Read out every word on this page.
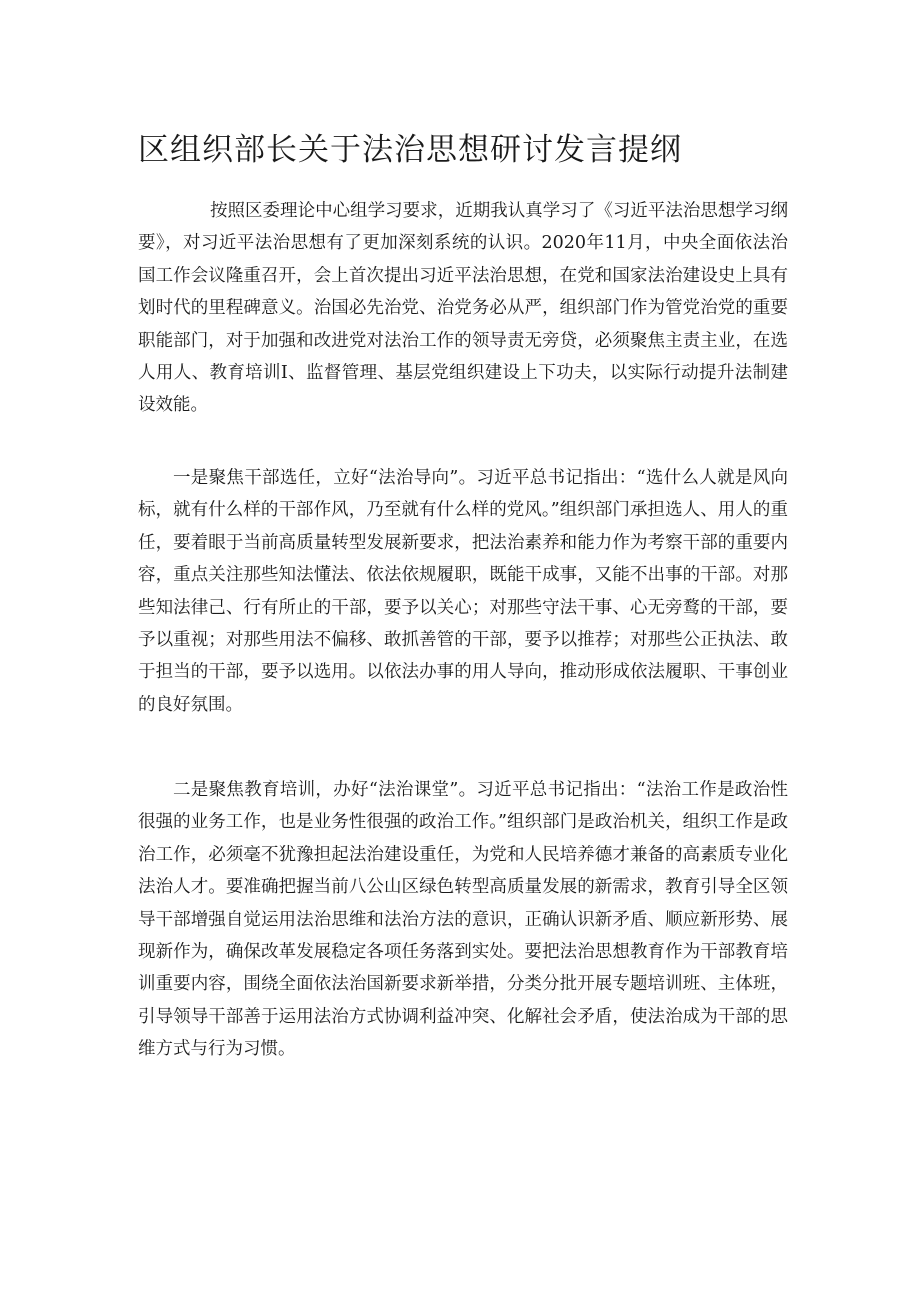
区组织部长关于法治思想研讨发言提纲

按照区委理论中心组学习要求，近期我认真学习了《习近平法治思想学习纲要》，对习近平法治思想有了更加深刻系统的认识。2020年11月，中央全面依法治国工作会议隆重召开，会上首次提出习近平法治思想，在党和国家法治建设史上具有划时代的里程碑意义。治国必先治党、治党务必从严，组织部门作为管党治党的重要职能部门，对于加强和改进党对法治工作的领导责无旁贷，必须聚焦主责主业，在选人用人、教育培训I、监督管理、基层党组织建设上下功夫，以实际行动提升法制建设效能。

一是聚焦干部选任，立好“法治导向”。习近平总书记指出：“选什么人就是风向标，就有什么样的干部作风，乃至就有什么样的党风。”组织部门承担选人、用人的重任，要着眼于当前高质量转型发展新要求，把法治素养和能力作为考察干部的重要内容，重点关注那些知法懂法、依法依规履职，既能干成事，又能不出事的干部。对那些知法律己、行有所止的干部，要予以关心；对那些守法干事、心无旁鹜的干部，要予以重视；对那些用法不偏移、敢抓善管的干部，要予以推荐；对那些公正执法、敢于担当的干部，要予以选用。以依法办事的用人导向，推动形成依法履职、干事创业的良好氛围。

二是聚焦教育培训，办好“法治课堂”。习近平总书记指出：“法治工作是政治性很强的业务工作，也是业务性很强的政治工作。”组织部门是政治机关，组织工作是政治工作，必须毫不犹豫担起法治建设重任，为党和人民培养德才兼备的高素质专业化法治人才。要准确把握当前八公山区绿色转型高质量发展的新需求，教育引导全区领导干部增强自觉运用法治思维和法治方法的意识，正确认识新矛盾、顺应新形势、展现新作为，确保改革发展稳定各项任务落到实处。要把法治思想教育作为干部教育培训重要内容，围绕全面依法治国新要求新举措，分类分批开展专题培训班、主体班，引导领导干部善于运用法治方式协调利益冲突、化解社会矛盾，使法治成为干部的思维方式与行为习惯。
